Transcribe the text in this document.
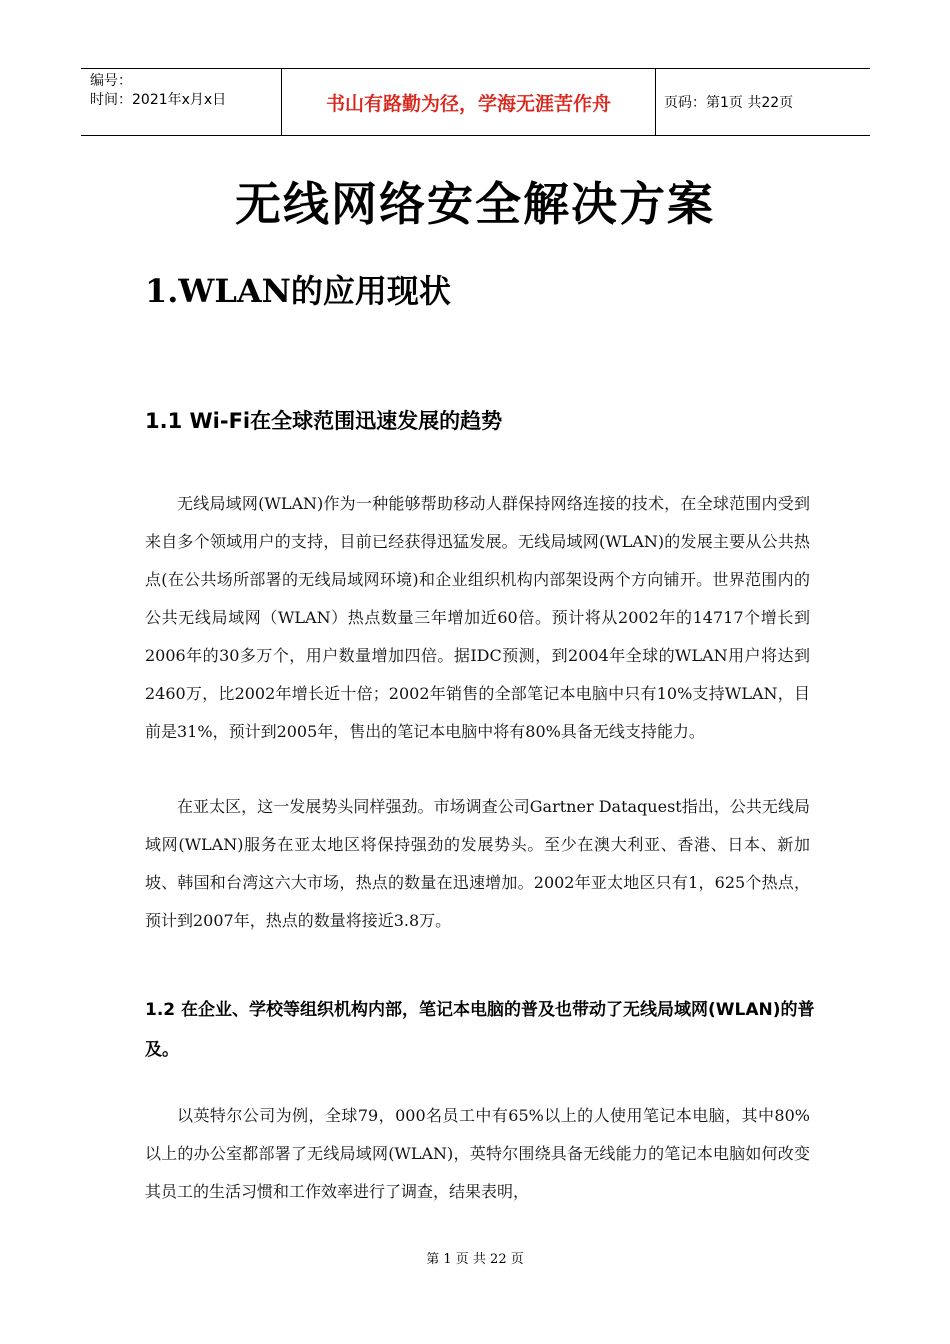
编号：
时间：2021年x月x日	书山有路勤为径，学海无涯苦作舟	页码：第1页 共22页
无线网络安全解决方案
1.WLAN的应用现状
1.1 Wi-Fi在全球范围迅速发展的趋势

无线局域网(WLAN)作为一种能够帮助移动人群保持网络连接的技术，在全球范围内受到来自多个领域用户的支持，目前已经获得迅猛发展。无线局域网(WLAN)的发展主要从公共热点(在公共场所部署的无线局域网环境)和企业组织机构内部架设两个方向铺开。世界范围内的公共无线局域网（WLAN）热点数量三年增加近60倍。预计将从2002年的14717个增长到2006年的30多万个，用户数量增加四倍。据IDC预测，到2004年全球的WLAN用户将达到2460万，比2002年增长近十倍；2002年销售的全部笔记本电脑中只有10%支持WLAN，目前是31%，预计到2005年，售出的笔记本电脑中将有80%具备无线支持能力。

在亚太区，这一发展势头同样强劲。市场调查公司Gartner Dataquest指出，公共无线局域网(WLAN)服务在亚太地区将保持强劲的发展势头。至少在澳大利亚、香港、日本、新加坡、韩国和台湾这六大市场，热点的数量在迅速增加。2002年亚太地区只有1，625个热点，预计到2007年，热点的数量将接近3.8万。

1.2 在企业、学校等组织机构内部，笔记本电脑的普及也带动了无线局域网(WLAN)的普及。

以英特尔公司为例，全球79，000名员工中有65%以上的人使用笔记本电脑，其中80%以上的办公室都部署了无线局域网(WLAN)，英特尔围绕具备无线能力的笔记本电脑如何改变其员工的生活习惯和工作效率进行了调查，结果表明，

第 1 页 共 22 页
